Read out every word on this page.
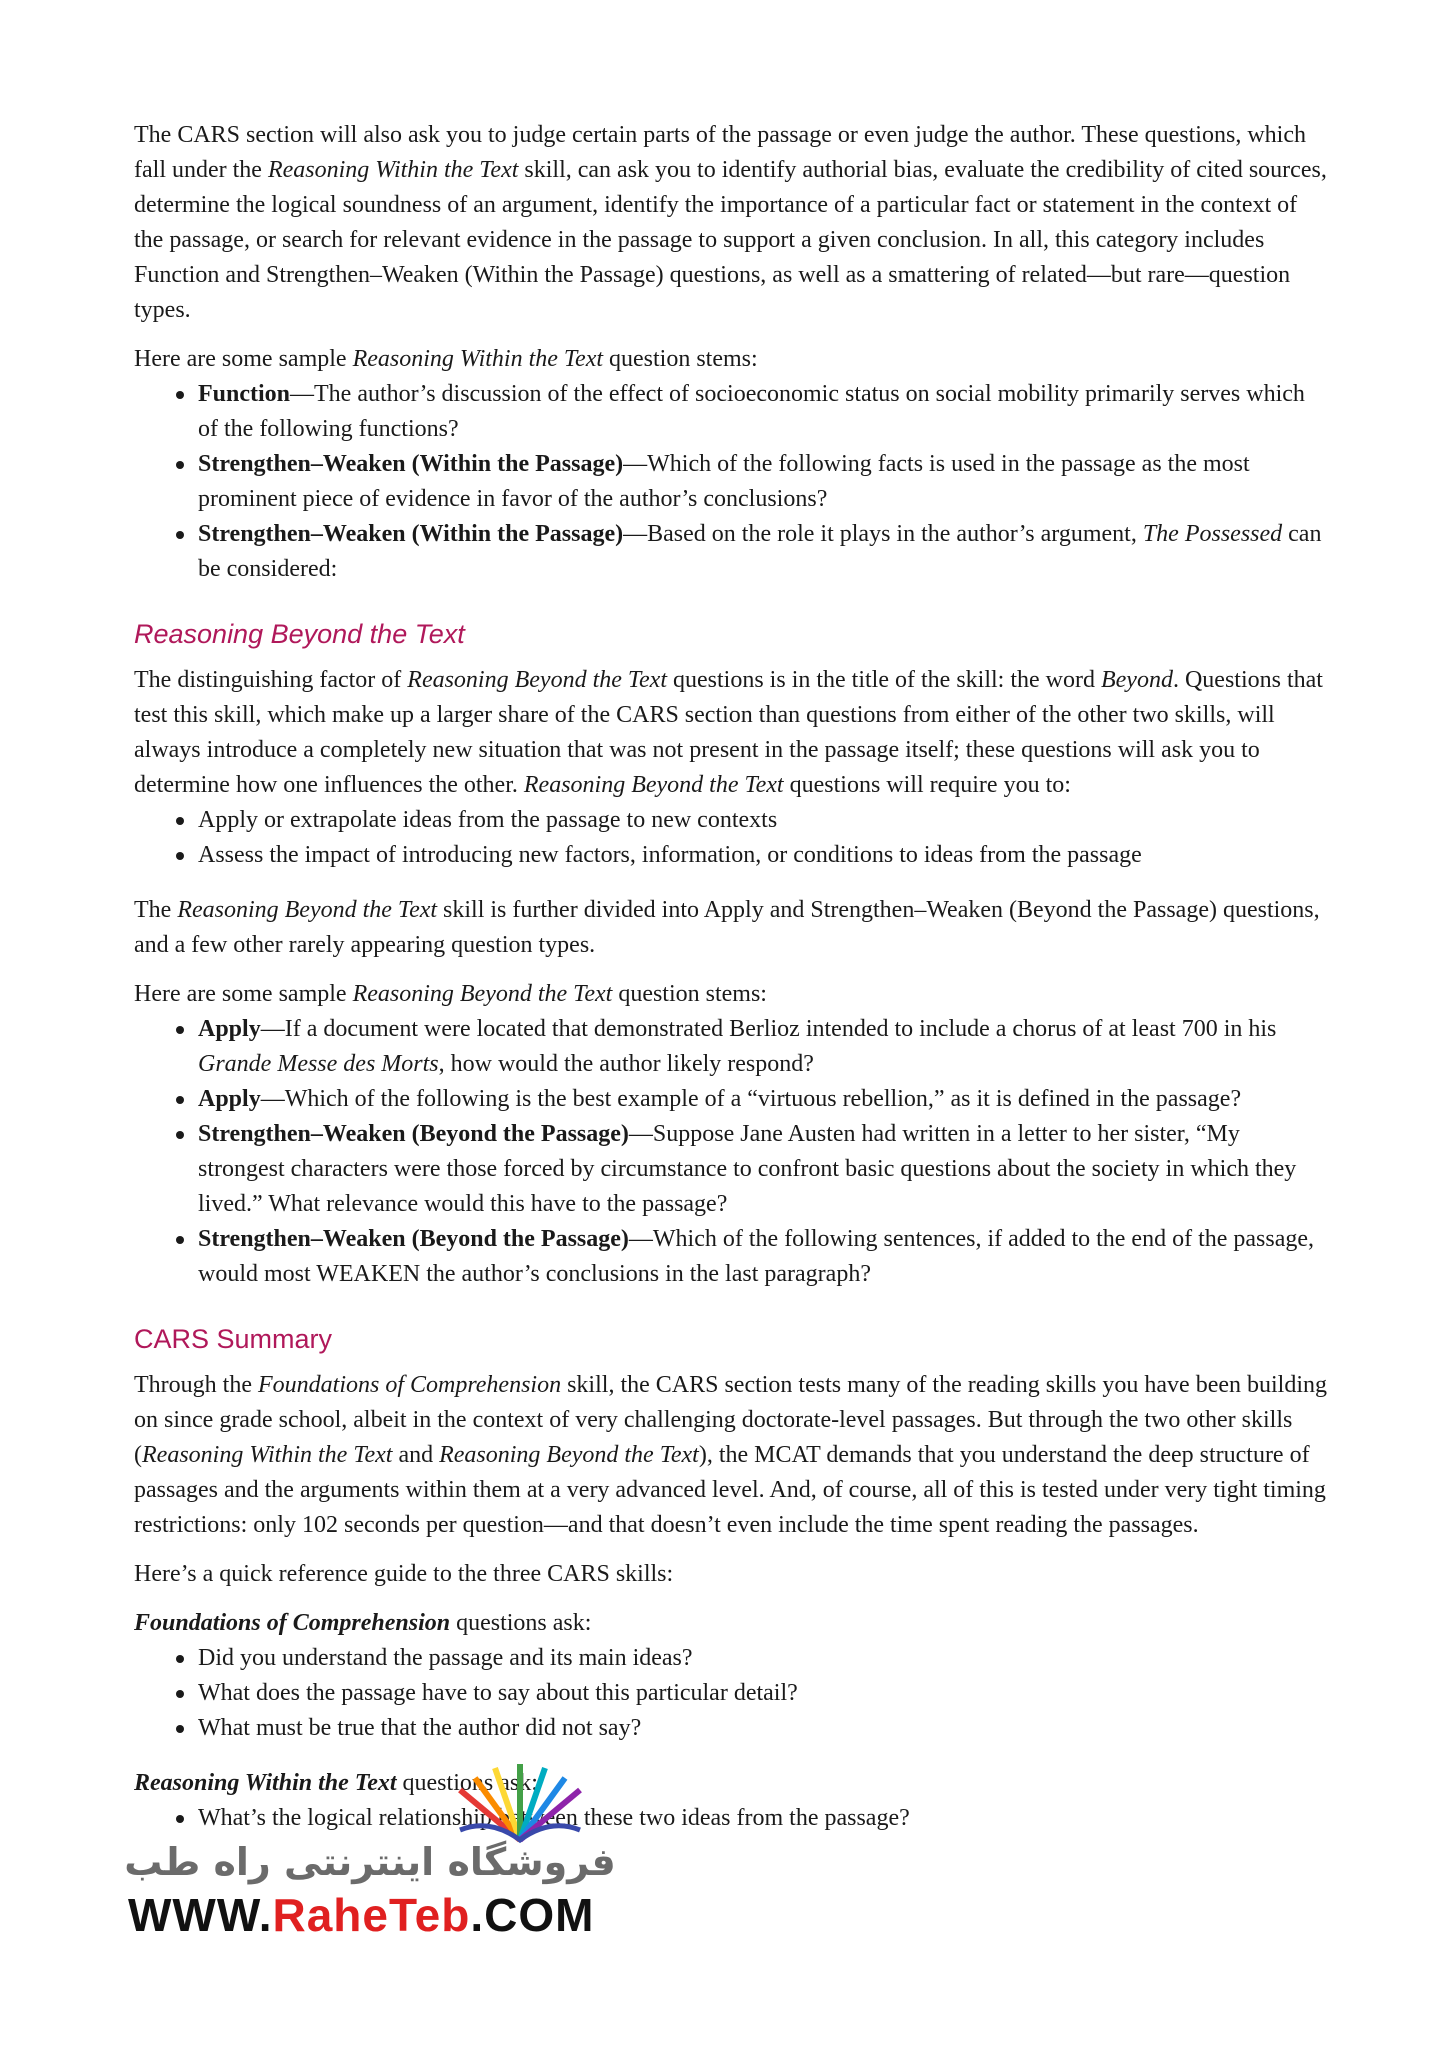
The CARS section will also ask you to judge certain parts of the passage or even judge the author. These questions, which fall under the Reasoning Within the Text skill, can ask you to identify authorial bias, evaluate the credibility of cited sources, determine the logical soundness of an argument, identify the importance of a particular fact or statement in the context of the passage, or search for relevant evidence in the passage to support a given conclusion. In all, this category includes Function and Strengthen–Weaken (Within the Passage) questions, as well as a smattering of related—but rare—question types.

Here are some sample Reasoning Within the Text question stems:

Function—The author’s discussion of the effect of socioeconomic status on social mobility primarily serves which of the following functions?
Strengthen–Weaken (Within the Passage)—Which of the following facts is used in the passage as the most prominent piece of evidence in favor of the author’s conclusions?
Strengthen–Weaken (Within the Passage)—Based on the role it plays in the author’s argument, The Possessed can be considered:
Reasoning Beyond the Text

The distinguishing factor of Reasoning Beyond the Text questions is in the title of the skill: the word Beyond. Questions that test this skill, which make up a larger share of the CARS section than questions from either of the other two skills, will always introduce a completely new situation that was not present in the passage itself; these questions will ask you to determine how one influences the other. Reasoning Beyond the Text questions will require you to:

Apply or extrapolate ideas from the passage to new contexts
Assess the impact of introducing new factors, information, or conditions to ideas from the passage

The Reasoning Beyond the Text skill is further divided into Apply and Strengthen–Weaken (Beyond the Passage) questions, and a few other rarely appearing question types.

Here are some sample Reasoning Beyond the Text question stems:

Apply—If a document were located that demonstrated Berlioz intended to include a chorus of at least 700 in his Grande Messe des Morts, how would the author likely respond?
Apply—Which of the following is the best example of a “virtuous rebellion,” as it is defined in the passage?
Strengthen–Weaken (Beyond the Passage)—Suppose Jane Austen had written in a letter to her sister, “My strongest characters were those forced by circumstance to confront basic questions about the society in which they lived.” What relevance would this have to the passage?
Strengthen–Weaken (Beyond the Passage)—Which of the following sentences, if added to the end of the passage, would most WEAKEN the author’s conclusions in the last paragraph?
CARS Summary

Through the Foundations of Comprehension skill, the CARS section tests many of the reading skills you have been building on since grade school, albeit in the context of very challenging doctorate-level passages. But through the two other skills (Reasoning Within the Text and Reasoning Beyond the Text), the MCAT demands that you understand the deep structure of passages and the arguments within them at a very advanced level. And, of course, all of this is tested under very tight timing restrictions: only 102 seconds per question—and that doesn’t even include the time spent reading the passages.

Here’s a quick reference guide to the three CARS skills:

Foundations of Comprehension questions ask:

Did you understand the passage and its main ideas?
What does the passage have to say about this particular detail?
What must be true that the author did not say?

Reasoning Within the Text questions ask:

What’s the logical relationship between these two ideas from the passage?
فروشگاه اینترنتی راه طب
WWW.RaheTeb.COM
